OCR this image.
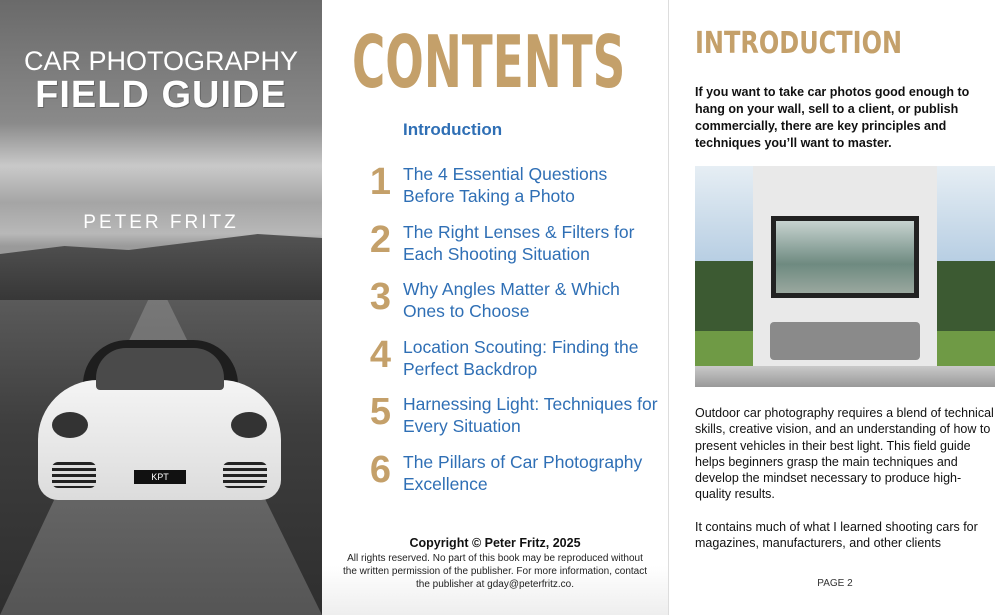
CAR PHOTOGRAPHY
FIELD GUIDE
PETER FRITZ
KPT
CONTENTS
Introduction
1 The 4 Essential Questions Before Taking a Photo
2 The Right Lenses & Filters for Each Shooting Situation
3 Why Angles Matter & Which Ones to Choose
4 Location Scouting: Finding the Perfect Backdrop
5 Harnessing Light: Techniques for Every Situation
6 The Pillars of Car Photography Excellence
Copyright © Peter Fritz, 2025
All rights reserved. No part of this book may be reproduced without the written permission of the publisher. For more information, contact the publisher at gday@peterfritz.co.
INTRODUCTION
If you want to take car photos good enough to hang on your wall, sell to a client, or publish commercially, there are key principles and techniques you’ll want to master.

Outdoor car photography requires a blend of technical skills, creative vision, and an understanding of how to present vehicles in their best light. This field guide helps beginners grasp the main techniques and develop the mindset necessary to produce high-quality results.

It contains much of what I learned shooting cars for magazines, manufacturers, and other clients

PAGE 2
